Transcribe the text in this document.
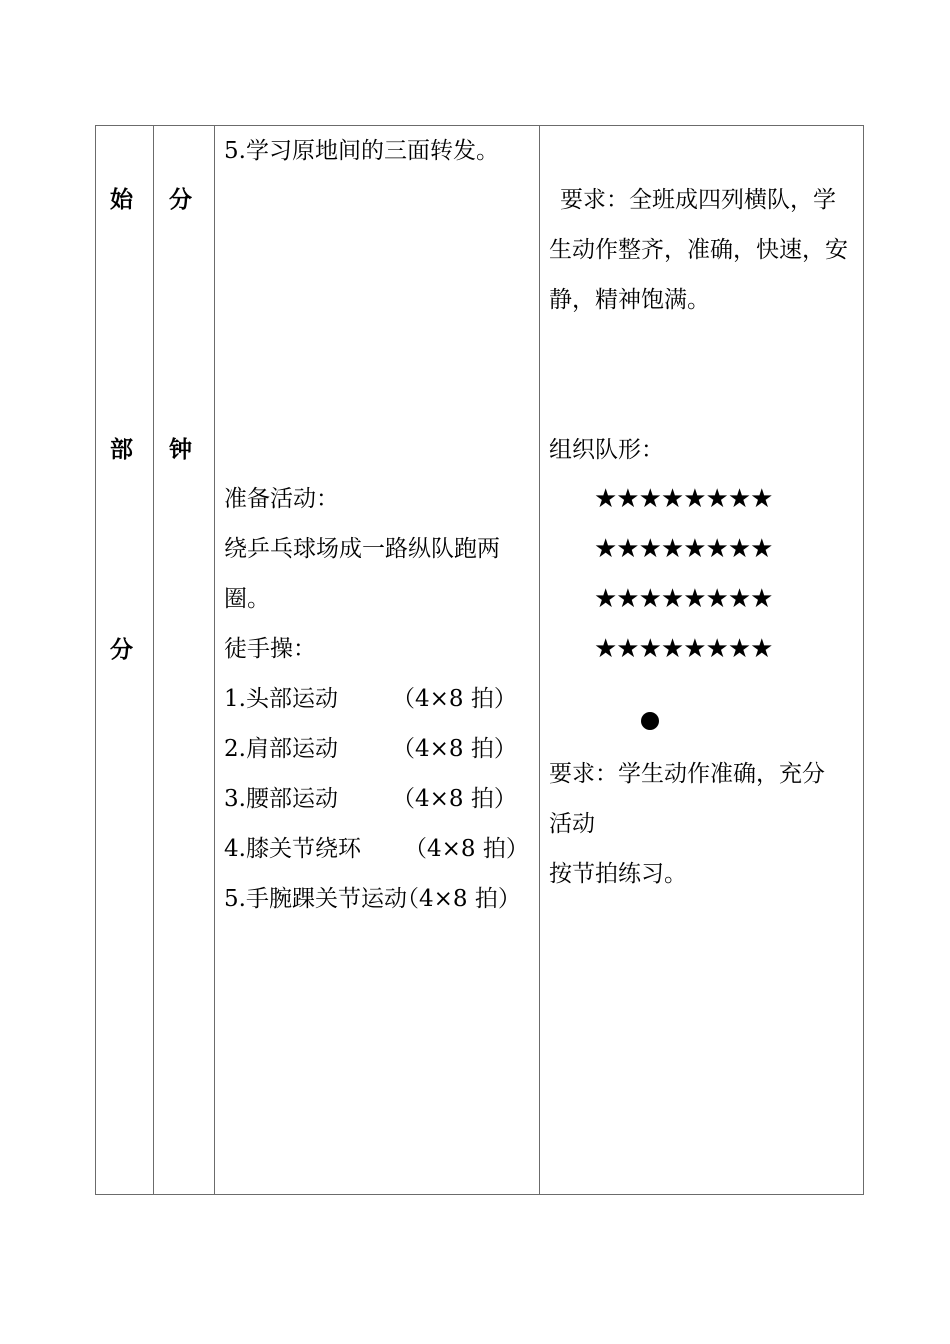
始
部
分
分
钟
5.学习原地间的三面转发。
准备活动：
绕乒乓球场成一路纵队跑两
圈。
徒手操：
1.头部运动 （4×8 拍）
2.肩部运动 （4×8 拍）
3.腰部运动 （4×8 拍）
4.膝关节绕环 （4×8 拍）
5.手腕踝关节运动
（4×8 拍）
要求：全班成四列横队，学
生动作整齐，准确，快速，安
静，精神饱满。
组织队形：
★★★★★★★★
★★★★★★★★
★★★★★★★★
★★★★★★★★
要求：学生动作准确，充分
活动
按节拍练习。
